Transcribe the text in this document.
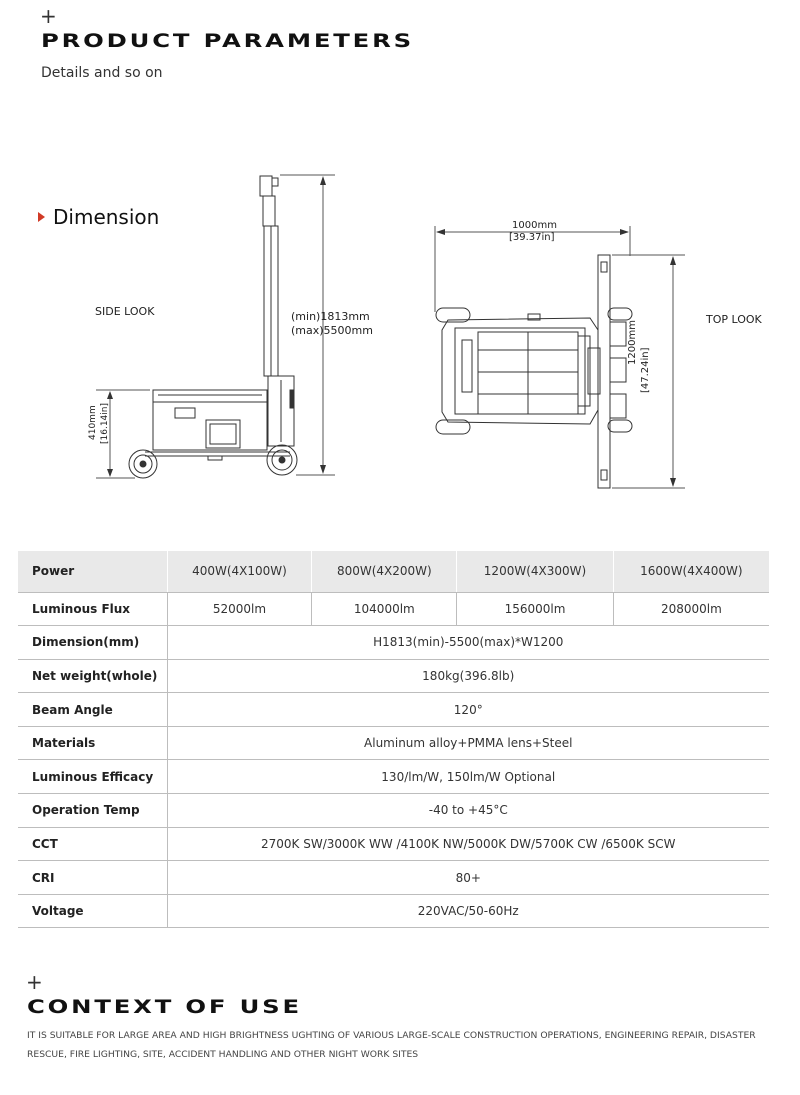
+
PRODUCT PARAMETERS
Details and so on
Dimension
SIDE LOOK
TOP LOOK
(min)1813mm
(max)5500mm
1000mm
[39.37in]
1200mm
[47.24in]
410mm [16.14in]
Power	400W(4X100W)	800W(4X200W)	1200W(4X300W)	1600W(4X400W)
Luminous Flux	52000lm	104000lm	156000lm	208000lm
Dimension(mm)	H1813(min)-5500(max)*W1200			
Net weight(whole)	180kg(396.8lb)			
Beam Angle	120°			
Materials	Aluminum alloy+PMMA lens+Steel			
Luminous Efficacy	130/lm/W, 150lm/W Optional			
Operation Temp	-40 to +45°C			
CCT	2700K SW/3000K WW /4100K NW/5000K DW/5700K CW /6500K SCW			
CRI	80+			
Voltage	220VAC/50-60Hz			
+
CONTEXT OF USE
IT IS SUITABLE FOR LARGE AREA AND HIGH BRIGHTNESS UGHTING OF VARIOUS LARGE-SCALE CONSTRUCTION OPERATIONS, ENGINEERING REPAIR, DISASTER RESCUE, FIRE LIGHTING, SITE, ACCIDENT HANDLING AND OTHER NIGHT WORK SITES
